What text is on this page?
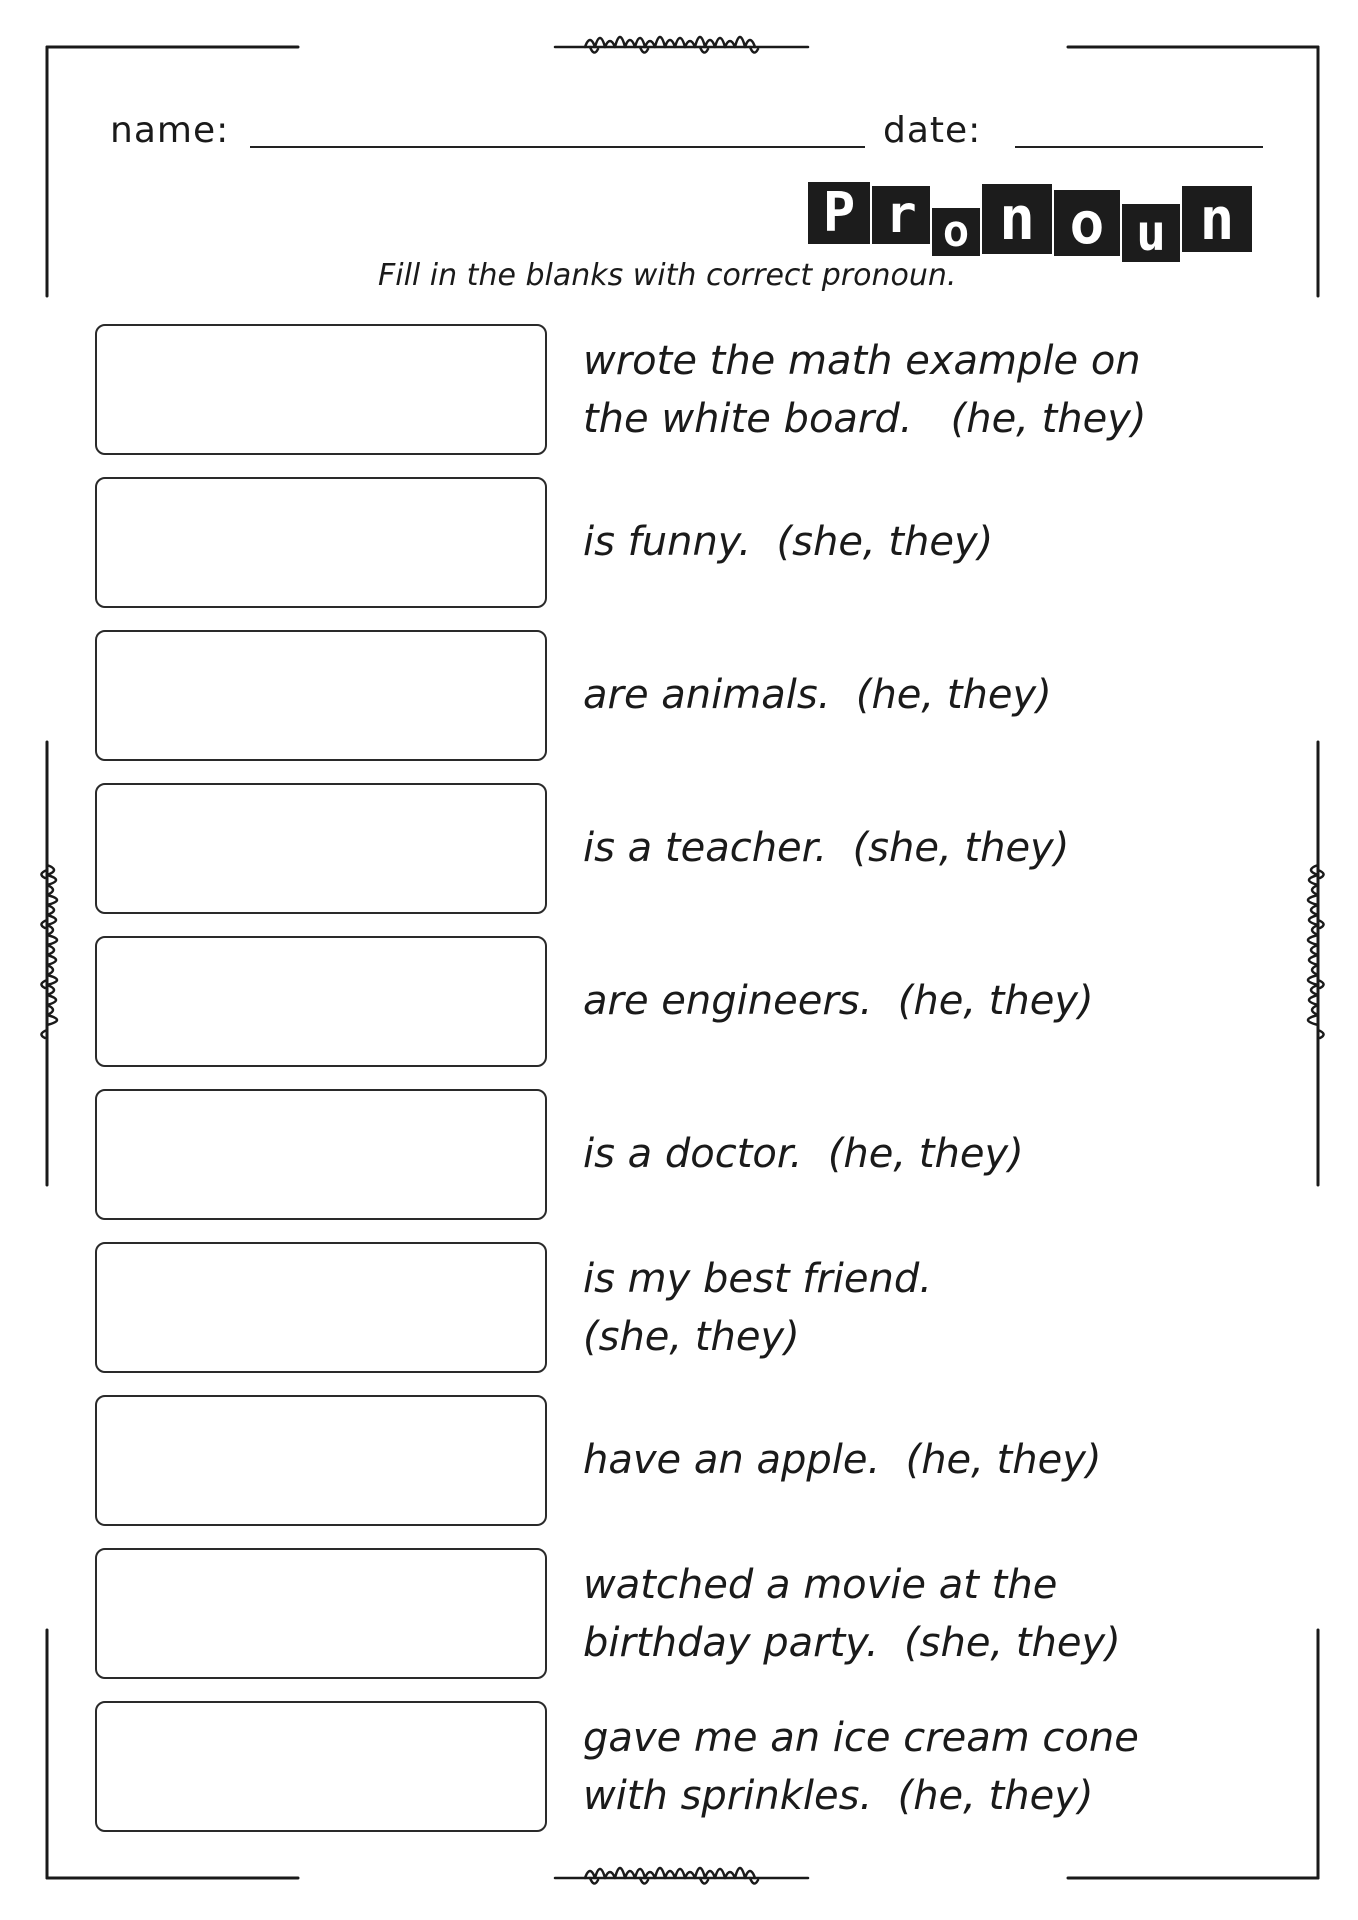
name:	date:
P r o n o u n
Fill in the blanks with correct pronoun.
wrote the math example on
the white board.   (he, they)
is funny.  (she, they)
are animals.  (he, they)
is a teacher.  (she, they)
are engineers.  (he, they)
is a doctor.  (he, they)
is my best friend.
(she, they)
have an apple.  (he, they)
watched a movie at the
birthday party.  (she, they)
gave me an ice cream cone
with sprinkles.  (he, they)
